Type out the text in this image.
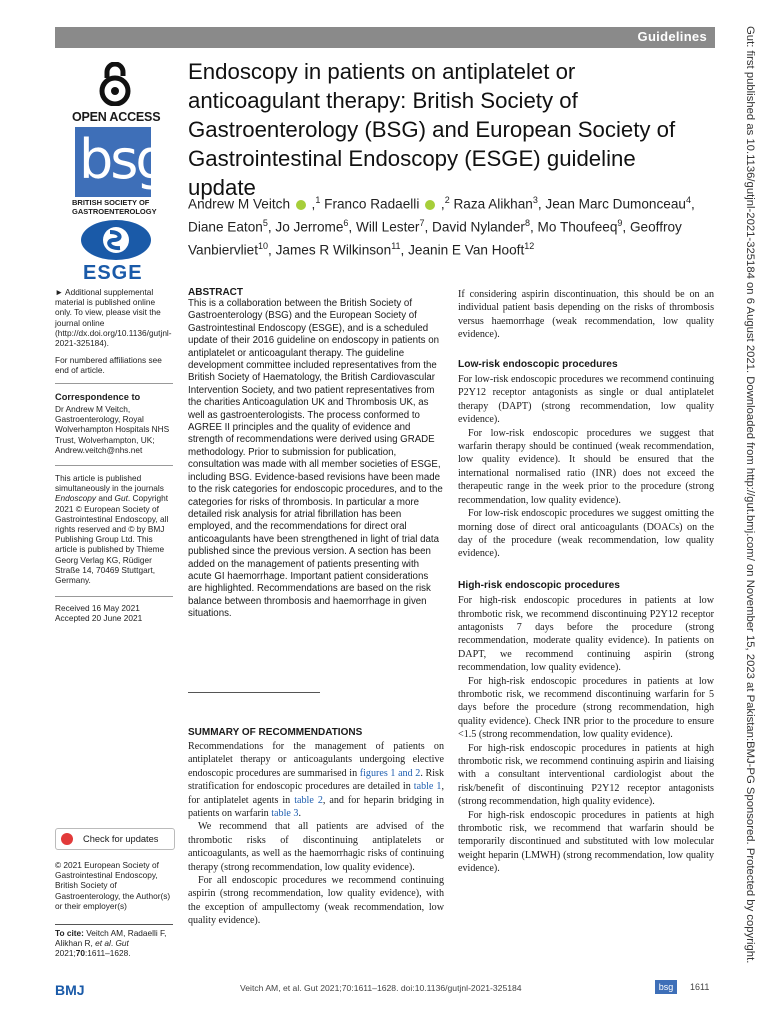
Guidelines
OPEN ACCESS
bsg
BRITISH SOCIETY OF GASTROENTEROLOGY
ESGE
► Additional supplemental material is published online only. To view, please visit the journal online (http://dx.doi.org/10.1136/gutjnl-2021-325184).
For numbered affiliations see end of article.
Correspondence to
Dr Andrew M Veitch, Gastroenterology, Royal Wolverhampton Hospitals NHS Trust, Wolverhampton, UK; Andrew.veitch@nhs.net
This article is published simultaneously in the journals Endoscopy and Gut. Copyright 2021 © European Society of Gastrointestinal Endoscopy, all rights reserved and © by BMJ Publishing Group Ltd. This article is published by Thieme Georg Verlag KG, Rüdiger Straße 14, 70469 Stuttgart, Germany.
Received 16 May 2021
Accepted 20 June 2021
Check for updates
© 2021 European Society of Gastrointestinal Endoscopy, British Society of Gastroenterology, the Author(s) or their employer(s)
To cite: Veitch AM, Radaelli F, Alikhan R, et al. Gut 2021;70:1611–1628.
Endoscopy in patients on antiplatelet or anticoagulant therapy: British Society of Gastroenterology (BSG) and European Society of Gastrointestinal Endoscopy (ESGE) guideline update
Andrew M Veitch  ,$^1$ Franco Radaelli  ,$^2$ Raza Alikhan$^3$, Jean Marc Dumonceau$^4$, Diane Eaton$^5$, Jo Jerrome$^6$, Will Lester$^7$, David Nylander$^8$, Mo Thoufeeq$^9$, Geoffroy Vanbiervliet$^{10}$, James R Wilkinson$^{11}$, Jeanin E Van Hooft$^{12}$
ABSTRACT
This is a collaboration between the British Society of Gastroenterology (BSG) and the European Society of Gastrointestinal Endoscopy (ESGE), and is a scheduled update of their 2016 guideline on endoscopy in patients on antiplatelet or anticoagulant therapy. The guideline development committee included representatives from the British Society of Haematology, the British Cardiovascular Intervention Society, and two patient representatives from the charities Anticoagulation UK and Thrombosis UK, as well as gastroenterologists. The process conformed to AGREE II principles and the quality of evidence and strength of recommendations were derived using GRADE methodology. Prior to submission for publication, consultation was made with all member societies of ESGE, including BSG. Evidence-based revisions have been made to the risk categories for endoscopic procedures, and to the categories for risks of thrombosis. In particular a more detailed risk analysis for atrial fibrillation has been employed, and the recommendations for direct oral anticoagulants have been strengthened in light of trial data published since the previous version. A section has been added on the management of patients presenting with acute GI haemorrhage. Important patient considerations are highlighted. Recommendations are based on the risk balance between thrombosis and haemorrhage in given situations.
SUMMARY OF RECOMMENDATIONS

Recommendations for the management of patients on antiplatelet therapy or anticoagulants undergoing elective endoscopic procedures are summarised in figures 1 and 2. Risk stratification for endoscopic procedures are detailed in table 1, for antiplatelet agents in table 2, and for heparin bridging in patients on warfarin table 3.

We recommend that all patients are advised of the thrombotic risks of discontinuing antiplatelets or anticoagulants, as well as the haemorrhagic risks of continuing therapy (strong recommendation, low quality evidence).

For all endoscopic procedures we recommend continuing aspirin (strong recommendation, low quality evidence), with the exception of ampullectomy (weak recommendation, low quality evidence).

If considering aspirin discontinuation, this should be on an individual patient basis depending on the risks of thrombosis versus haemorrhage (weak recommendation, low quality evidence).

Low-risk endoscopic procedures

For low-risk endoscopic procedures we recommend continuing P2Y12 receptor antagonists as single or dual antiplatelet therapy (DAPT) (strong recommendation, low quality evidence).

For low-risk endoscopic procedures we suggest that warfarin therapy should be continued (weak recommendation, low quality evidence). It should be ensured that the international normalised ratio (INR) does not exceed the therapeutic range in the week prior to the procedure (strong recommendation, low quality evidence).

For low-risk endoscopic procedures we suggest omitting the morning dose of direct oral anticoagulants (DOACs) on the day of the procedure (weak recommendation, low quality evidence).

High-risk endoscopic procedures

For high-risk endoscopic procedures in patients at low thrombotic risk, we recommend discontinuing P2Y12 receptor antagonists 7 days before the procedure (strong recommendation, moderate quality evidence). In patients on DAPT, we recommend continuing aspirin (strong recommendation, low quality evidence).

For high-risk endoscopic procedures in patients at low thrombotic risk, we recommend discontinuing warfarin for 5 days before the procedure (strong recommendation, high quality evidence). Check INR prior to the procedure to ensure <1.5 (strong recommendation, low quality evidence).

For high-risk endoscopic procedures in patients at high thrombotic risk, we recommend continuing aspirin and liaising with a consultant interventional cardiologist about the risk/benefit of discontinuing P2Y12 receptor antagonists (strong recommendation, high quality evidence).

For high-risk endoscopic procedures in patients at high thrombotic risk, we recommend that warfarin should be temporarily discontinued and substituted with low molecular weight heparin (LMWH) (strong recommendation, low quality evidence).

BMJ	Veitch AM, et al. Gut 2021;70:1611–1628. doi:10.1136/gutjnl-2021-325184	bsg	1611
Gut: first published as 10.1136/gutjnl-2021-325184 on 6 August 2021. Downloaded from http://gut.bmj.com/ on November 15, 2023 at Pakistan:BMJ-PG Sponsored. Protected by copyright.
